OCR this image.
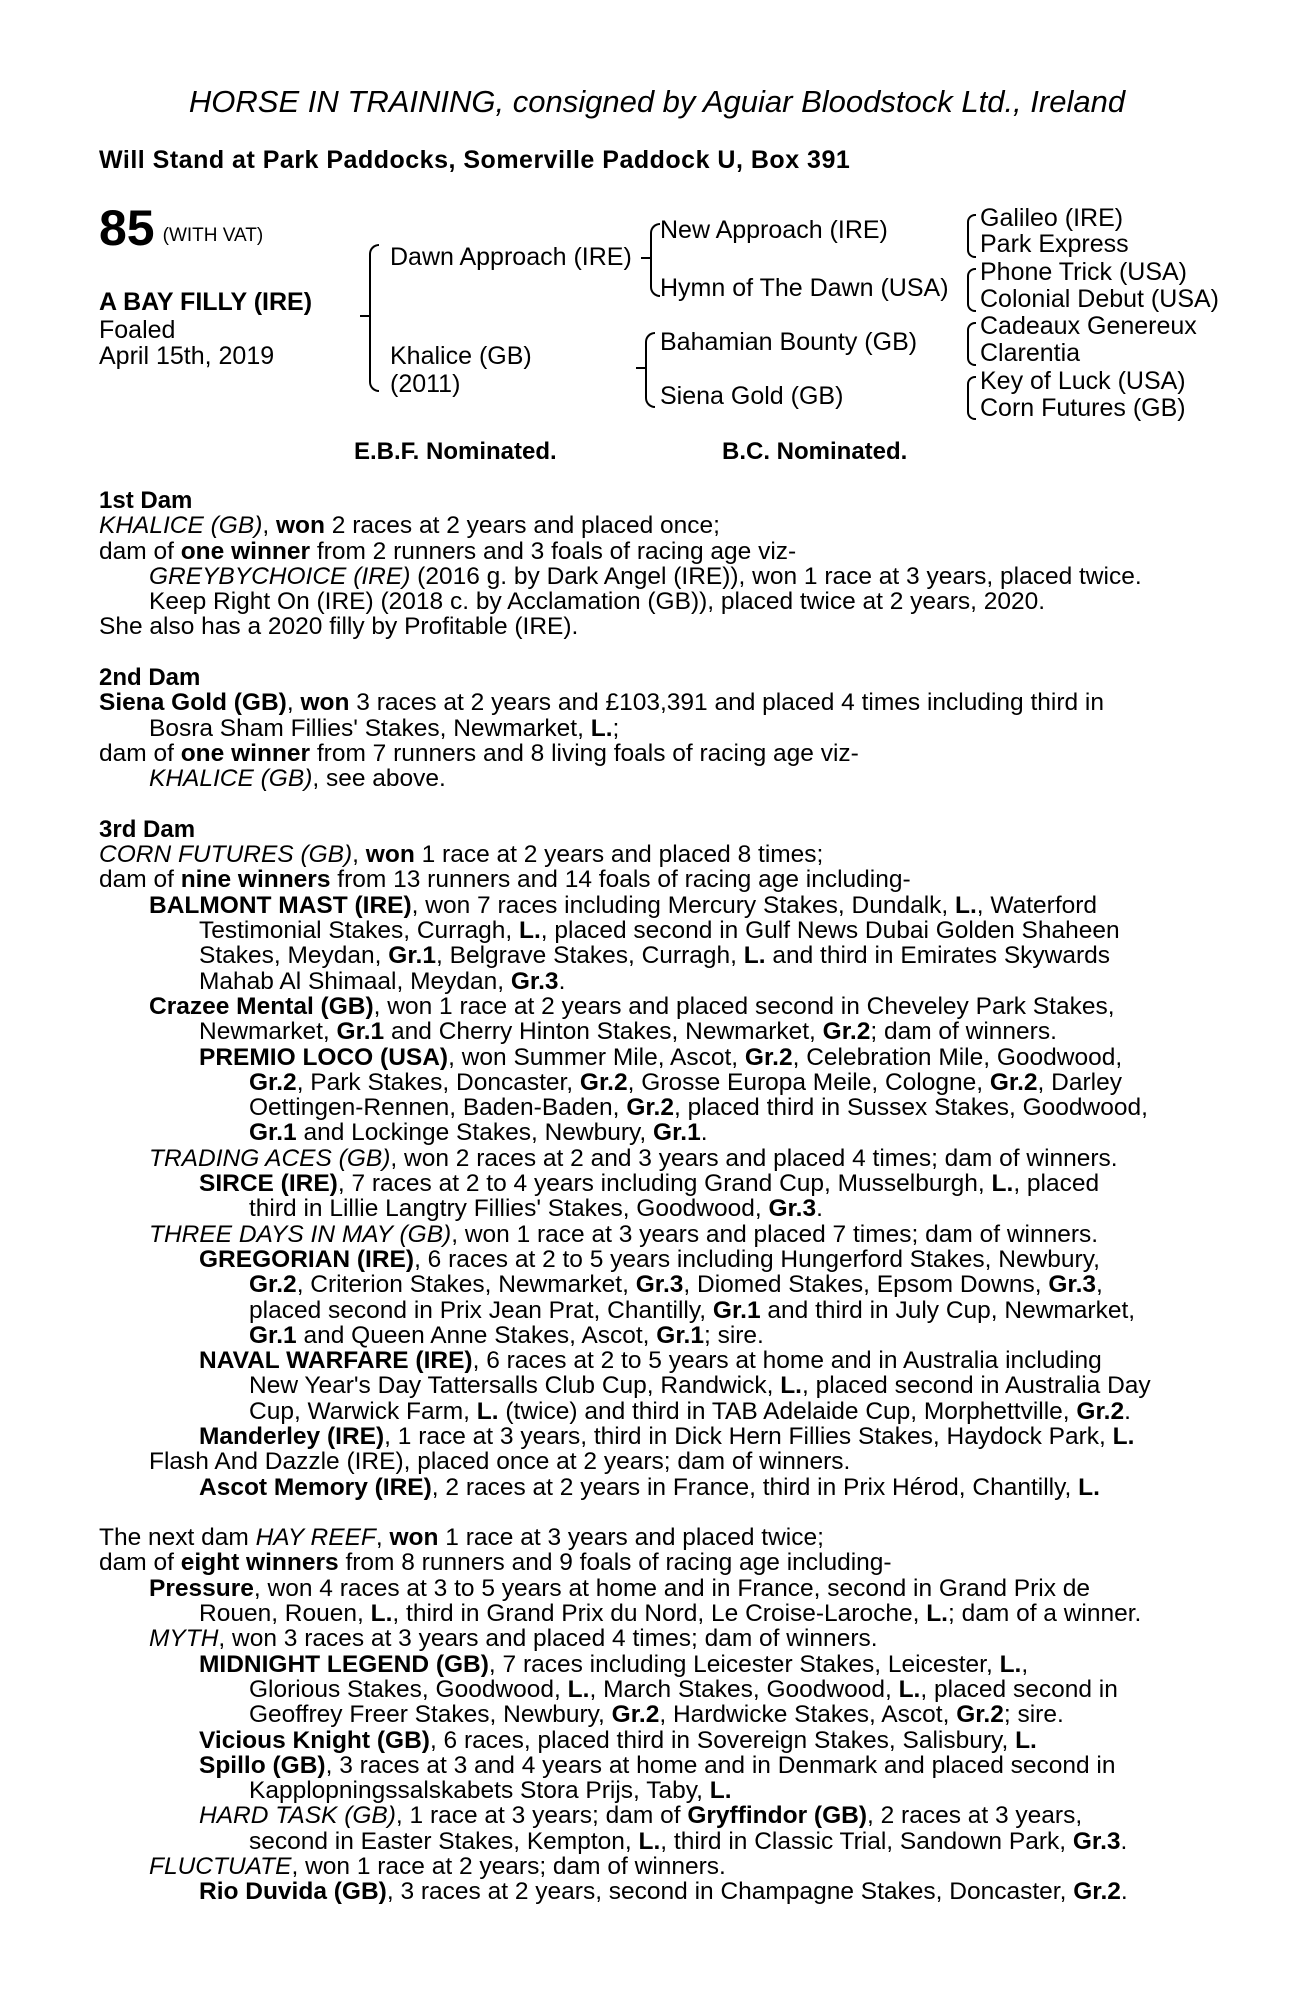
HORSE IN TRAINING, consigned by Aguiar Bloodstock Ltd., Ireland
Will Stand at Park Paddocks, Somerville Paddock U, Box 391
85 (WITH VAT)
A BAY FILLY (IRE)
Foaled
April 15th, 2019
Dawn Approach (IRE)
Khalice (GB)
(2011)
New Approach (IRE)
Hymn of The Dawn (USA)
Bahamian Bounty (GB)
Siena Gold (GB)
Galileo (IRE)
Park Express
Phone Trick (USA)
Colonial Debut (USA)
Cadeaux Genereux
Clarentia
Key of Luck (USA)
Corn Futures (GB)
E.B.F. Nominated.	B.C. Nominated.
1st Dam
KHALICE (GB), won 2 races at 2 years and placed once;
dam of one winner from 2 runners and 3 foals of racing age viz-
GREYBYCHOICE (IRE) (2016 g. by Dark Angel (IRE)), won 1 race at 3 years, placed twice.
Keep Right On (IRE) (2018 c. by Acclamation (GB)), placed twice at 2 years, 2020.
She also has a 2020 filly by Profitable (IRE).
2nd Dam
Siena Gold (GB), won 3 races at 2 years and £103,391 and placed 4 times including third in
Bosra Sham Fillies' Stakes, Newmarket, L.;
dam of one winner from 7 runners and 8 living foals of racing age viz-
KHALICE (GB), see above.
3rd Dam
CORN FUTURES (GB), won 1 race at 2 years and placed 8 times;
dam of nine winners from 13 runners and 14 foals of racing age including-
BALMONT MAST (IRE), won 7 races including Mercury Stakes, Dundalk, L., Waterford
Testimonial Stakes, Curragh, L., placed second in Gulf News Dubai Golden Shaheen
Stakes, Meydan, Gr.1, Belgrave Stakes, Curragh, L. and third in Emirates Skywards
Mahab Al Shimaal, Meydan, Gr.3.
Crazee Mental (GB), won 1 race at 2 years and placed second in Cheveley Park Stakes,
Newmarket, Gr.1 and Cherry Hinton Stakes, Newmarket, Gr.2; dam of winners.
PREMIO LOCO (USA), won Summer Mile, Ascot, Gr.2, Celebration Mile, Goodwood,
Gr.2, Park Stakes, Doncaster, Gr.2, Grosse Europa Meile, Cologne, Gr.2, Darley
Oettingen-Rennen, Baden-Baden, Gr.2, placed third in Sussex Stakes, Goodwood,
Gr.1 and Lockinge Stakes, Newbury, Gr.1.
TRADING ACES (GB), won 2 races at 2 and 3 years and placed 4 times; dam of winners.
SIRCE (IRE), 7 races at 2 to 4 years including Grand Cup, Musselburgh, L., placed
third in Lillie Langtry Fillies' Stakes, Goodwood, Gr.3.
THREE DAYS IN MAY (GB), won 1 race at 3 years and placed 7 times; dam of winners.
GREGORIAN (IRE), 6 races at 2 to 5 years including Hungerford Stakes, Newbury,
Gr.2, Criterion Stakes, Newmarket, Gr.3, Diomed Stakes, Epsom Downs, Gr.3,
placed second in Prix Jean Prat, Chantilly, Gr.1 and third in July Cup, Newmarket,
Gr.1 and Queen Anne Stakes, Ascot, Gr.1; sire.
NAVAL WARFARE (IRE), 6 races at 2 to 5 years at home and in Australia including
New Year's Day Tattersalls Club Cup, Randwick, L., placed second in Australia Day
Cup, Warwick Farm, L. (twice) and third in TAB Adelaide Cup, Morphettville, Gr.2.
Manderley (IRE), 1 race at 3 years, third in Dick Hern Fillies Stakes, Haydock Park, L.
Flash And Dazzle (IRE), placed once at 2 years; dam of winners.
Ascot Memory (IRE), 2 races at 2 years in France, third in Prix Hérod, Chantilly, L.
The next dam HAY REEF, won 1 race at 3 years and placed twice;
dam of eight winners from 8 runners and 9 foals of racing age including-
Pressure, won 4 races at 3 to 5 years at home and in France, second in Grand Prix de
Rouen, Rouen, L., third in Grand Prix du Nord, Le Croise-Laroche, L.; dam of a winner.
MYTH, won 3 races at 3 years and placed 4 times; dam of winners.
MIDNIGHT LEGEND (GB), 7 races including Leicester Stakes, Leicester, L.,
Glorious Stakes, Goodwood, L., March Stakes, Goodwood, L., placed second in
Geoffrey Freer Stakes, Newbury, Gr.2, Hardwicke Stakes, Ascot, Gr.2; sire.
Vicious Knight (GB), 6 races, placed third in Sovereign Stakes, Salisbury, L.
Spillo (GB), 3 races at 3 and 4 years at home and in Denmark and placed second in
Kapplopningssalskabets Stora Prijs, Taby, L.
HARD TASK (GB), 1 race at 3 years; dam of Gryffindor (GB), 2 races at 3 years,
second in Easter Stakes, Kempton, L., third in Classic Trial, Sandown Park, Gr.3.
FLUCTUATE, won 1 race at 2 years; dam of winners.
Rio Duvida (GB), 3 races at 2 years, second in Champagne Stakes, Doncaster, Gr.2.
